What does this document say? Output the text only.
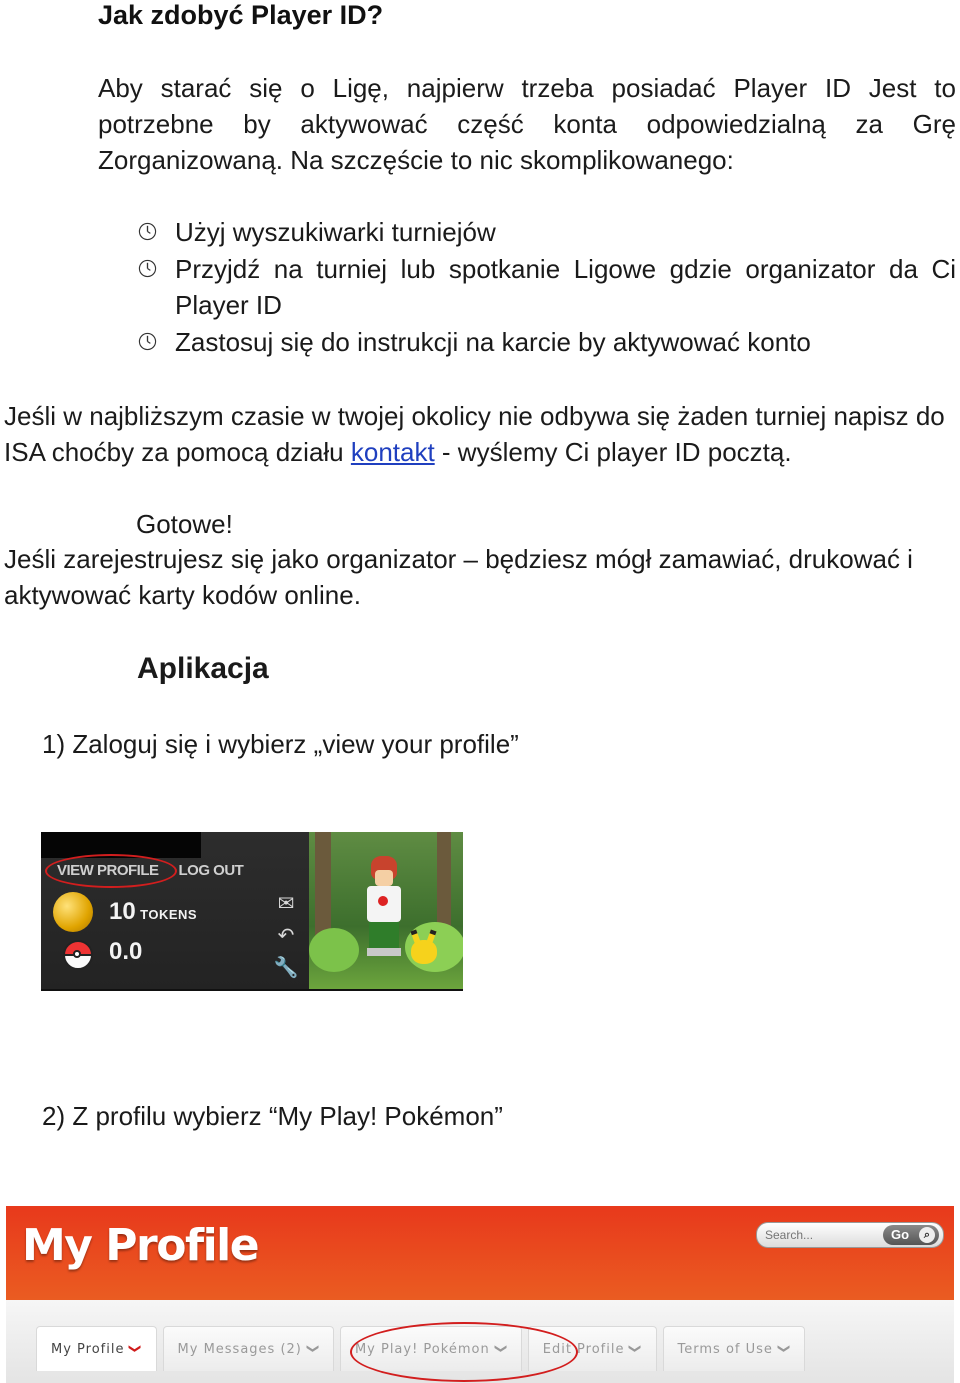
Jak zdobyć Player ID?
Aby starać się o Ligę, najpierw trzeba posiadać Player ID Jest to potrzebne by aktywować część konta odpowiedzialną za Grę Zorganizowaną. Na szczęście to nic skomplikowanego:
Użyj wyszukiwarki turniejów
Przyjdź na turniej lub spotkanie Ligowe gdzie organizator da Ci Player ID
Zastosuj się do instrukcji na karcie by aktywować konto
Jeśli w najbliższym czasie w twojej okolicy nie odbywa się żaden turniej napisz do ISA choćby za pomocą działu kontakt - wyślemy Ci player ID pocztą.
Gotowe!
Jeśli zarejestrujesz się jako organizator – będziesz mógł zamawiać, drukować i aktywować karty kodów online.
Aplikacja
1) Zaloguj się i wybierz „view your profile”
VIEW PROFILE LOG OUT
10 TOKENS
0.0
✉
↶
🔧
2) Z profilu wybierz “My Play! Pokémon”
My Profile
Search...	Go	⌕
My Profile ❯	My Messages (2) ❯	My Play! Pokémon ❯	Edit Profile ❯	Terms of Use ❯
